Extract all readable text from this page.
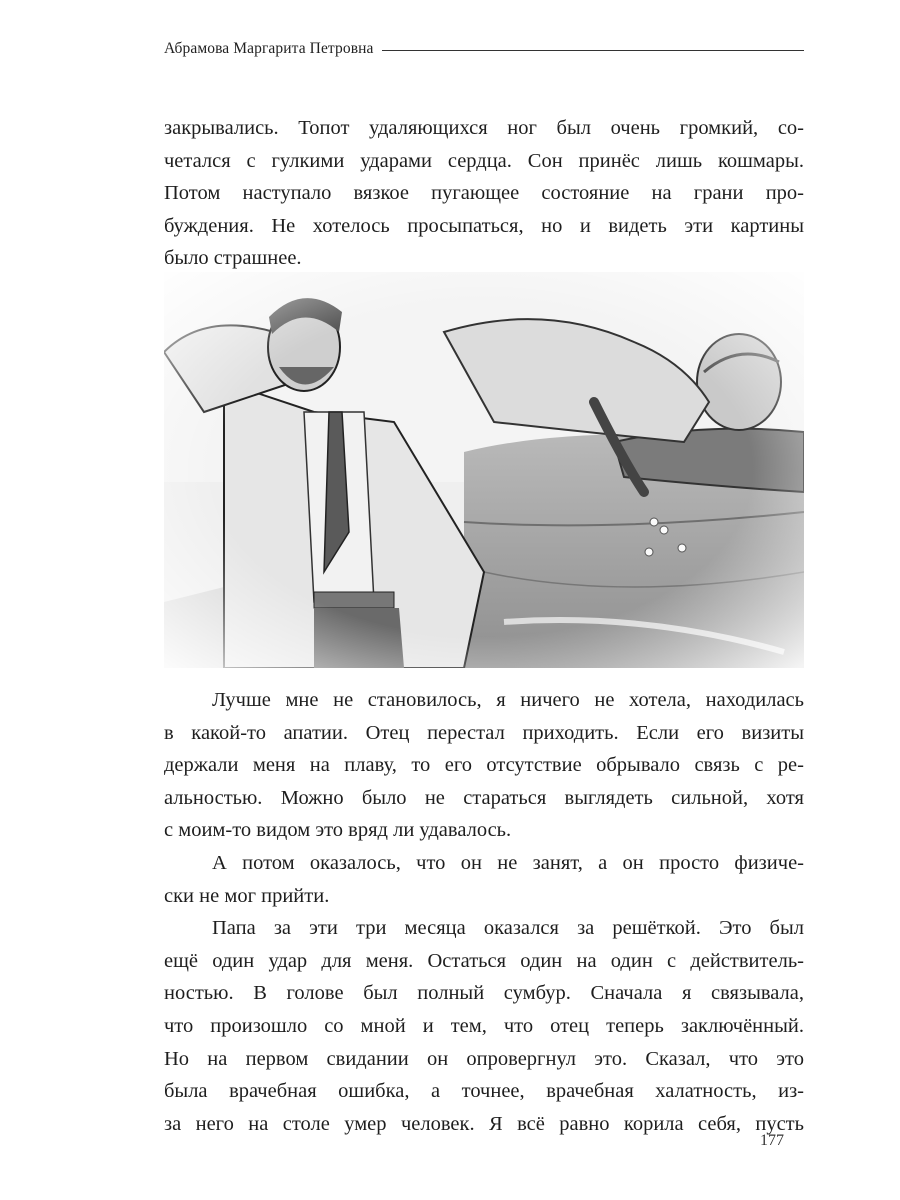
Абрамова Маргарита Петровна

закрывались. Топот удаляющихся ног был очень громкий, со-
четался с гулкими ударами сердца. Сон принёс лишь кошмары.
Потом наступало вязкое пугающее состояние на грани про-
буждения. Не хотелось просыпаться, но и видеть эти картины
было страшнее.

Лучше мне не становилось, я ничего не хотела, находилась
в какой-то апатии. Отец перестал приходить. Если его визиты
держали меня на плаву, то его отсутствие обрывало связь с ре-
альностью. Можно было не стараться выглядеть сильной, хотя
с моим-то видом это вряд ли удавалось.

А потом оказалось, что он не занят, а он просто физиче-
ски не мог прийти.

Папа за эти три месяца оказался за решёткой. Это был
ещё один удар для меня. Остаться один на один с действитель-
ностью. В голове был полный сумбур. Сначала я связывала,
что произошло со мной и тем, что отец теперь заключённый.
Но на первом свидании он опровергнул это. Сказал, что это
была врачебная ошибка, а точнее, врачебная халатность, из-
за него на столе умер человек. Я всё равно корила себя, пусть

177
